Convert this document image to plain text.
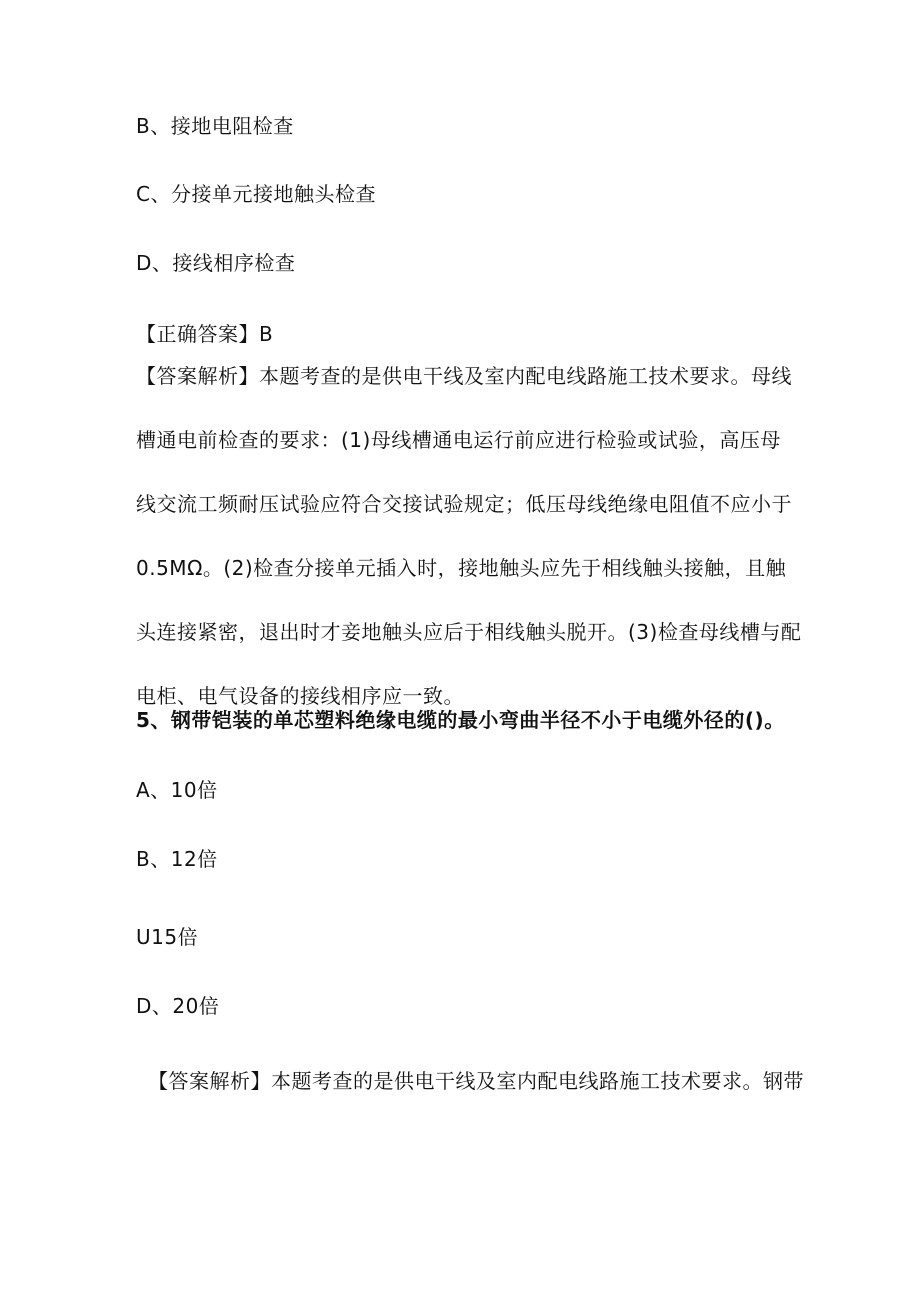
B、接地电阻检查
C、分接单元接地触头检查
D、接线相序检查
【正确答案】B
【答案解析】本题考查的是供电干线及室内配电线路施工技术要求。母线
槽通电前检查的要求：(1)母线槽通电运行前应进行检验或试验，高压母
线交流工频耐压试验应符合交接试验规定；低压母线绝缘电阻值不应小于
0.5MΩ。(2)检查分接单元插入时，接地触头应先于相线触头接触，且触
头连接紧密，退出时才妾地触头应后于相线触头脱开。(3)检查母线槽与配
电柜、电气设备的接线相序应一致。
5、钢带铠装的单芯塑料绝缘电缆的最小弯曲半径不小于电缆外径的()。
A、10倍
B、12倍
U15倍
D、20倍
【答案解析】本题考查的是供电干线及室内配电线路施工技术要求。钢带
